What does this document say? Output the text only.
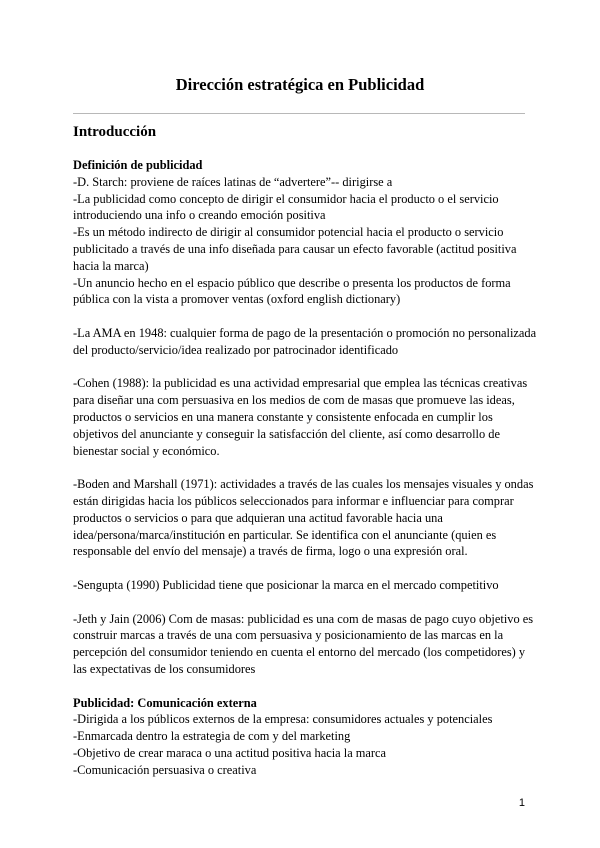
Dirección estratégica en Publicidad
Introducción
Definición de publicidad
-D. Starch: proviene de raíces latinas de “advertere”-- dirigirse a
-La publicidad como concepto de dirigir el consumidor hacia el producto o el servicio
introduciendo una info o creando emoción positiva
-Es un método indirecto de dirigir al consumidor potencial hacia el producto o servicio
publicitado a través de una info diseñada para causar un efecto favorable (actitud positiva
hacia la marca)
-Un anuncio hecho en el espacio público que describe o presenta los productos de forma
pública con la vista a promover ventas (oxford english dictionary)
-La AMA en 1948: cualquier forma de pago de la presentación o promoción no personalizada
del producto/servicio/idea realizado por patrocinador identificado
-Cohen (1988): la publicidad es una actividad empresarial que emplea las técnicas creativas
para diseñar una com persuasiva en los medios de com de masas que promueve las ideas,
productos o servicios en una manera constante y consistente enfocada en cumplir los
objetivos del anunciante y conseguir la satisfacción del cliente, así como desarrollo de
bienestar social y económico.
-Boden and Marshall (1971): actividades a través de las cuales los mensajes visuales y ondas
están dirigidas hacia los públicos seleccionados para informar e influenciar para comprar
productos o servicios o para que adquieran una actitud favorable hacia una
idea/persona/marca/institución en particular. Se identifica con el anunciante (quien es
responsable del envío del mensaje) a través de firma, logo o una expresión oral.
-Sengupta (1990) Publicidad tiene que posicionar la marca en el mercado competitivo
-Jeth y Jain (2006) Com de masas: publicidad es una com de masas de pago cuyo objetivo es
construir marcas a través de una com persuasiva y posicionamiento de las marcas en la
percepción del consumidor teniendo en cuenta el entorno del mercado (los competidores) y
las expectativas de los consumidores
Publicidad: Comunicación externa
-Dirigida a los públicos externos de la empresa: consumidores actuales y potenciales
-Enmarcada dentro la estrategia de com y del marketing
-Objetivo de crear maraca o una actitud positiva hacia la marca
-Comunicación persuasiva o creativa
1
